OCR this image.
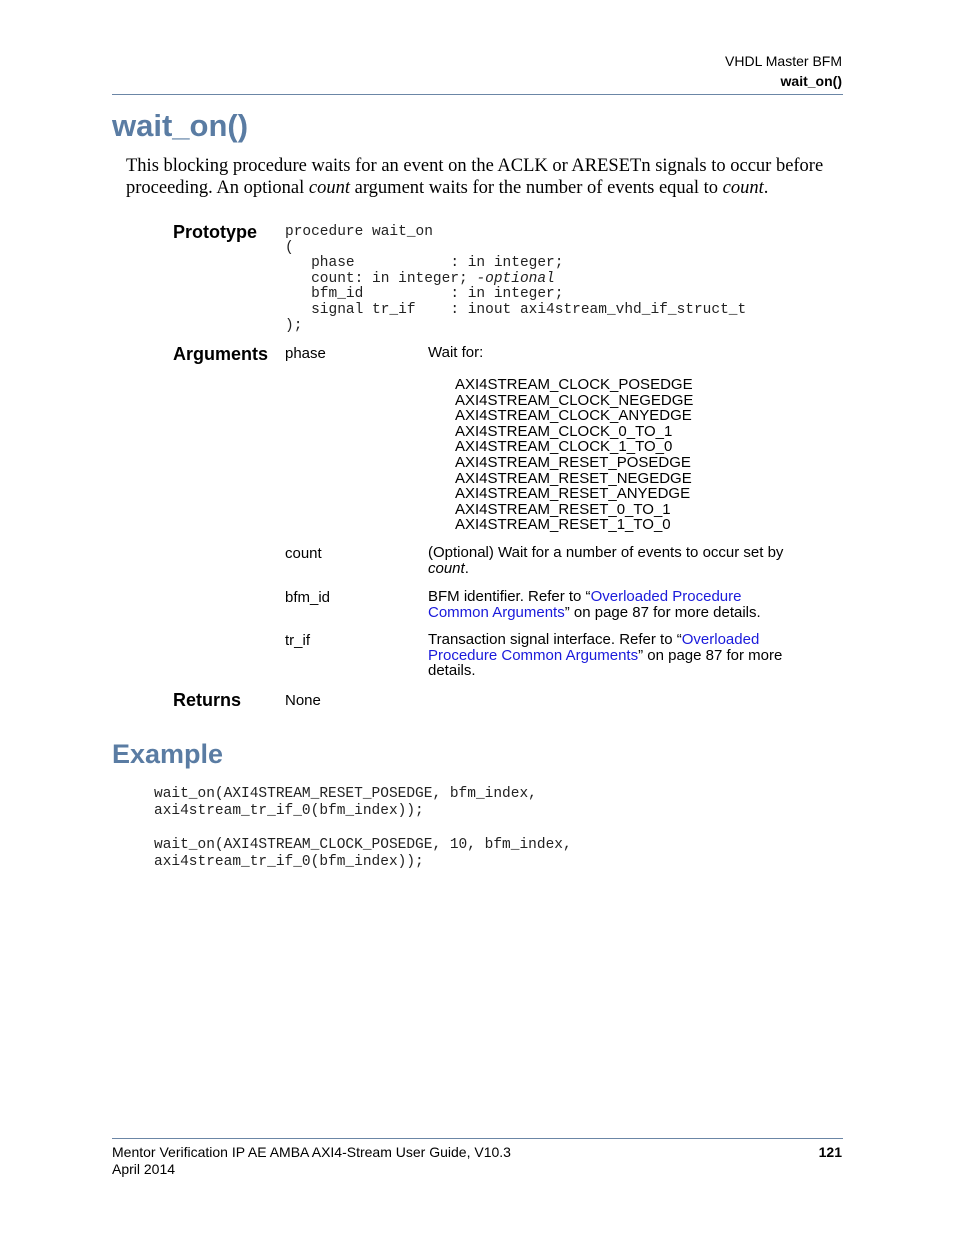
VHDL Master BFM
wait_on()
wait_on()
This blocking procedure waits for an event on the ACLK or ARESETn signals to occur before proceeding. An optional count argument waits for the number of events equal to count.
Prototype procedure wait_on
(
phase           : in integer;
count: in integer; -optional
bfm_id          : in integer;
signal tr_if    : inout axi4stream_vhd_if_struct_t
);
Arguments phase	Wait for:
AXI4STREAM_CLOCK_POSEDGE
AXI4STREAM_CLOCK_NEGEDGE
AXI4STREAM_CLOCK_ANYEDGE
AXI4STREAM_CLOCK_0_TO_1
AXI4STREAM_CLOCK_1_TO_0
AXI4STREAM_RESET_POSEDGE
AXI4STREAM_RESET_NEGEDGE
AXI4STREAM_RESET_ANYEDGE
AXI4STREAM_RESET_0_TO_1
AXI4STREAM_RESET_1_TO_0
count	(Optional) Wait for a number of events to occur set by
count.
bfm_id	BFM identifier. Refer to “Overloaded Procedure
Common Arguments” on page 87 for more details.
tr_if	Transaction signal interface. Refer to “Overloaded
Procedure Common Arguments” on page 87 for more
details.
Returns	None
Example
wait_on(AXI4STREAM_RESET_POSEDGE, bfm_index,
axi4stream_tr_if_0(bfm_index));
wait_on(AXI4STREAM_CLOCK_POSEDGE, 10, bfm_index,
axi4stream_tr_if_0(bfm_index));
Mentor Verification IP AE AMBA AXI4-Stream User Guide, V10.3
April 2014
121
